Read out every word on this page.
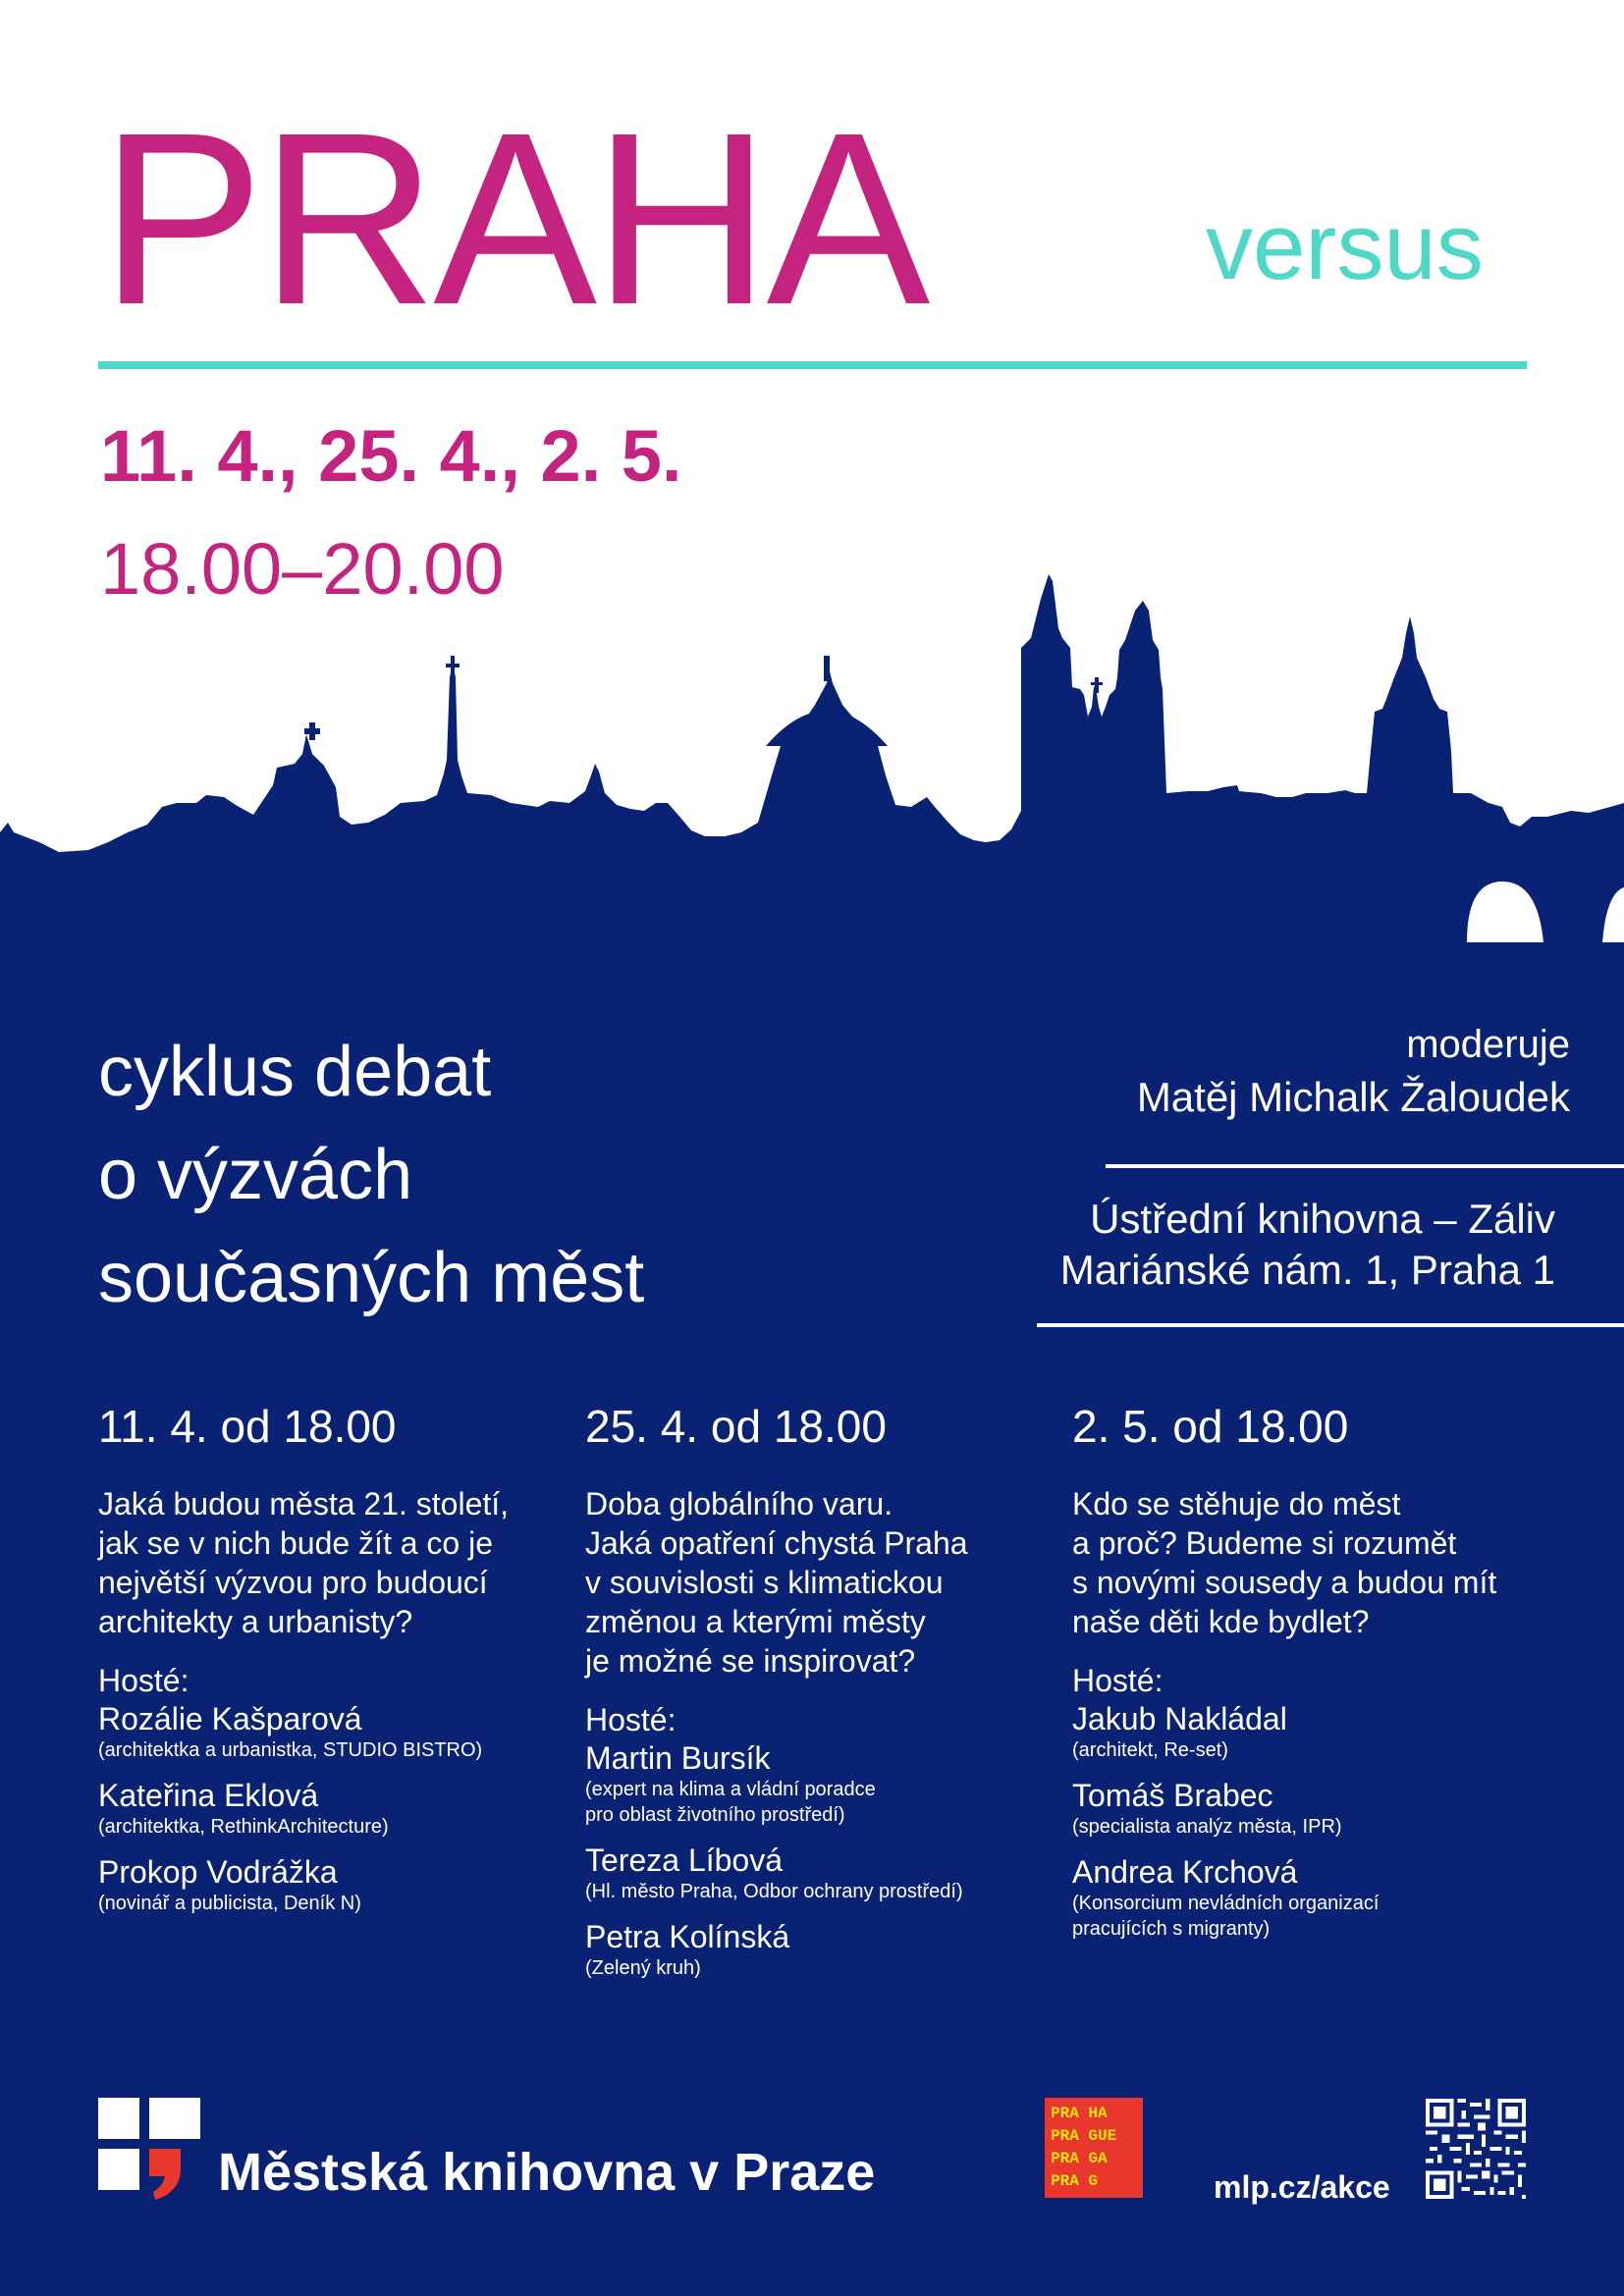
PRAHA	versus
11. 4., 25. 4., 2. 5.
18.00–20.00
cyklus debat
o výzvách
současných měst
moderuje
Matěj Michalk Žaloudek
Ústřední knihovna – Záliv
Mariánské nám. 1, Praha 1
11. 4. od 18.00
Jaká budou města 21. století,
jak se v nich bude žít a co je
největší výzvou pro budoucí
architekty a urbanisty?
Hosté:
Rozálie Kašparová
(architektka a urbanistka, STUDIO BISTRO)
Kateřina Eklová
(architektka, RethinkArchitecture)
Prokop Vodrážka
(novinář a publicista, Deník N)
25. 4. od 18.00
Doba globálního varu.
Jaká opatření chystá Praha
v souvislosti s klimatickou
změnou a kterými městy
je možné se inspirovat?
Hosté:
Martin Bursík
(expert na klima a vládní poradce
pro oblast životního prostředí)
Tereza Líbová
(Hl. město Praha, Odbor ochrany prostředí)
Petra Kolínská
(Zelený kruh)
2. 5. od 18.00
Kdo se stěhuje do měst
a proč? Budeme si rozumět
s novými sousedy a budou mít
naše děti kde bydlet?
Hosté:
Jakub Nakládal
(architekt, Re-set)
Tomáš Brabec
(specialista analýz města, IPR)
Andrea Krchová
(Konsorcium nevládních organizací
pracujících s migranty)
Městská knihovna v Praze
PRA HA
PRA GUE
PRA GA
PRA G	mlp.cz/akce
